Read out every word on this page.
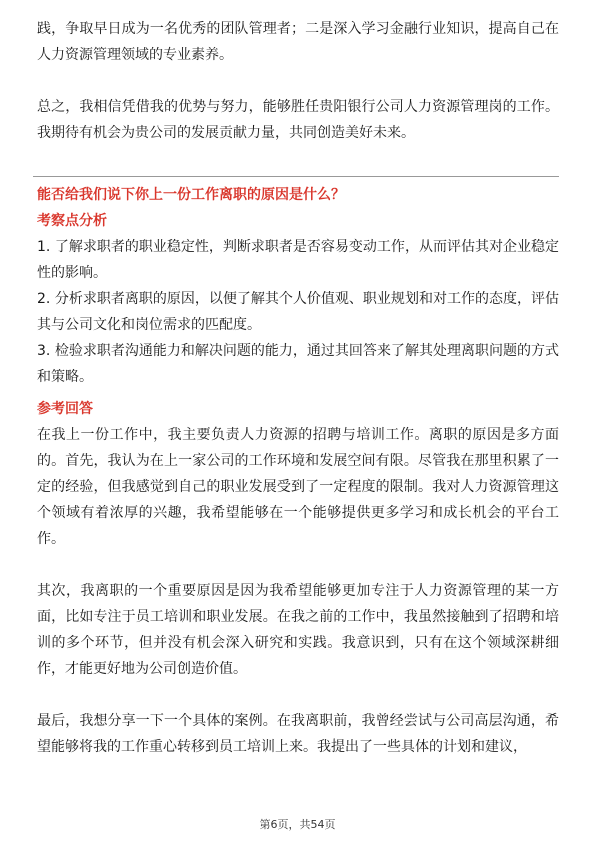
践，争取早日成为一名优秀的团队管理者；二是深入学习金融行业知识，提高自己在人力资源管理领域的专业素养。

总之，我相信凭借我的优势与努力，能够胜任贵阳银行公司人力资源管理岗的工作。我期待有机会为贵公司的发展贡献力量，共同创造美好未来。

能否给我们说下你上一份工作离职的原因是什么？

考察点分析

1. 了解求职者的职业稳定性，判断求职者是否容易变动工作，从而评估其对企业稳定性的影响。

2. 分析求职者离职的原因，以便了解其个人价值观、职业规划和对工作的态度，评估其与公司文化和岗位需求的匹配度。

3. 检验求职者沟通能力和解决问题的能力，通过其回答来了解其处理离职问题的方式和策略。

参考回答

在我上一份工作中，我主要负责人力资源的招聘与培训工作。离职的原因是多方面的。首先，我认为在上一家公司的工作环境和发展空间有限。尽管我在那里积累了一定的经验，但我感觉到自己的职业发展受到了一定程度的限制。我对人力资源管理这个领域有着浓厚的兴趣，我希望能够在一个能够提供更多学习和成长机会的平台工作。

其次，我离职的一个重要原因是因为我希望能够更加专注于人力资源管理的某一方面，比如专注于员工培训和职业发展。在我之前的工作中，我虽然接触到了招聘和培训的多个环节，但并没有机会深入研究和实践。我意识到，只有在这个领域深耕细作，才能更好地为公司创造价值。

最后，我想分享一下一个具体的案例。在我离职前，我曾经尝试与公司高层沟通，希望能够将我的工作重心转移到员工培训上来。我提出了一些具体的计划和建议，

第6页，共54页
